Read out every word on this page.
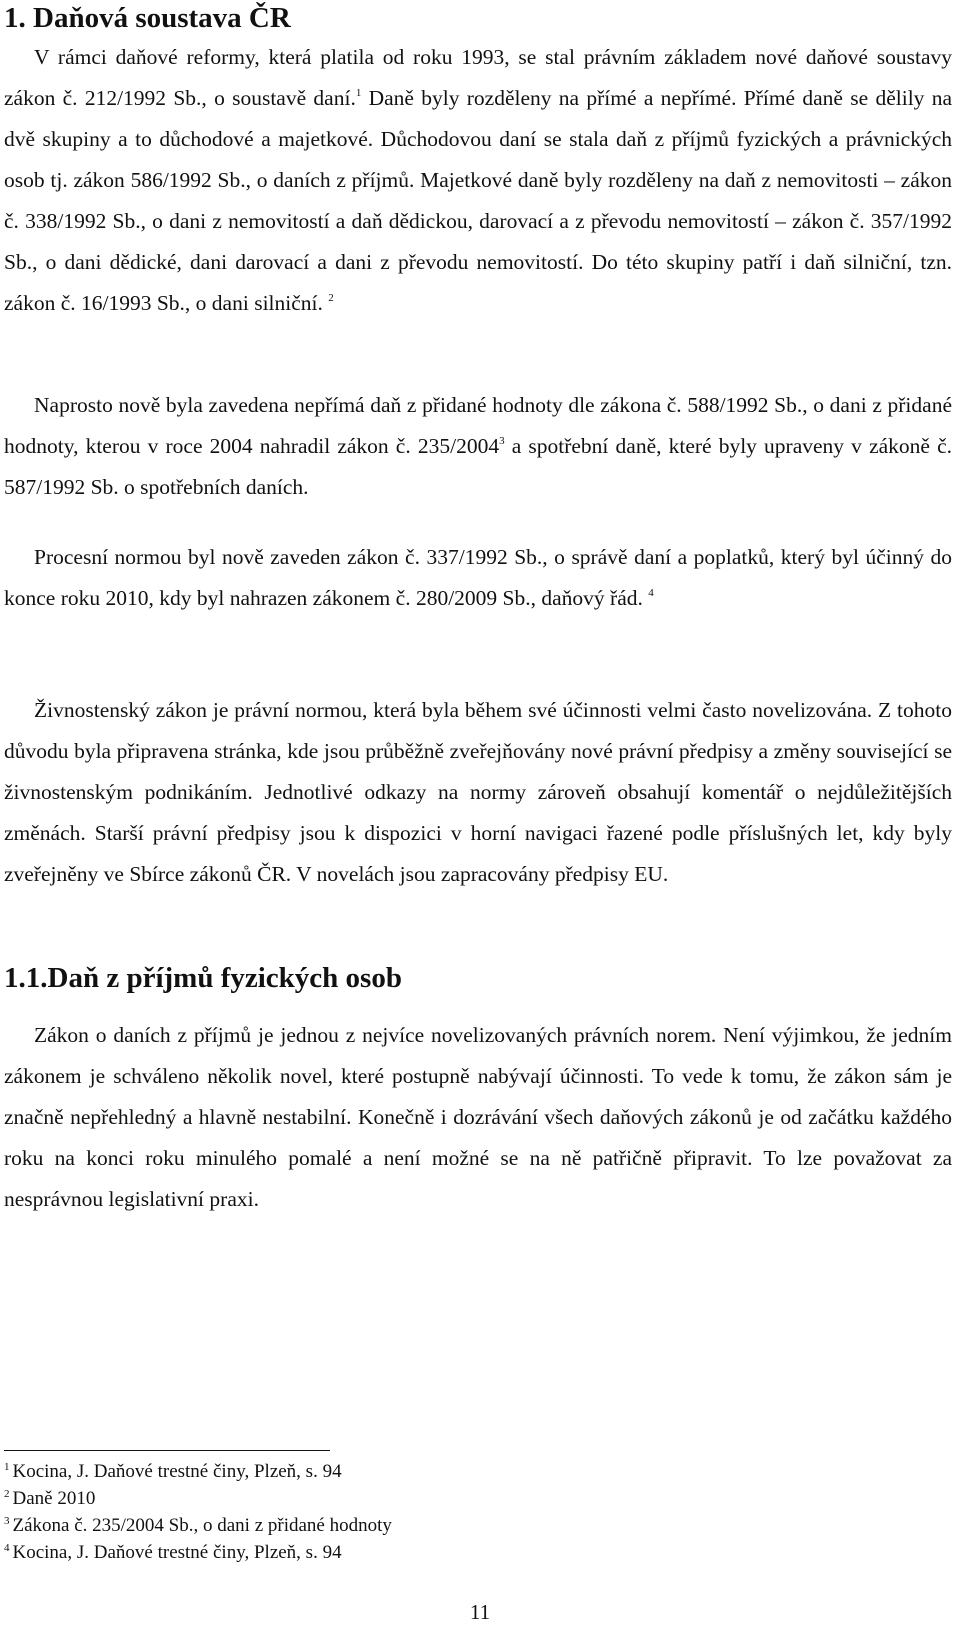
1. Daňová soustava ČR

V rámci daňové reformy, která platila od roku 1993, se stal právním základem nové daňové soustavy zákon č. 212/1992 Sb., o soustavě daní.$^1$ Daně byly rozděleny na přímé a nepřímé. Přímé daně se dělily na dvě skupiny a to důchodové a majetkové. Důchodovou daní se stala daň z příjmů fyzických a právnických osob tj. zákon 586/1992 Sb., o daních z příjmů. Majetkové daně byly rozděleny na daň z nemovitosti – zákon č. 338/1992 Sb., o dani z nemovitostí a daň dědickou, darovací a z převodu nemovitostí – zákon č. 357/1992 Sb., o dani dědické, dani darovací a dani z převodu nemovitostí. Do této skupiny patří i daň silniční, tzn. zákon č. 16/1993 Sb., o dani silniční. $^2$

Naprosto nově byla zavedena nepřímá daň z přidané hodnoty dle zákona č. 588/1992 Sb., o dani z přidané hodnoty, kterou v roce 2004 nahradil zákon č. 235/2004$^3$ a spotřební daně, které byly upraveny v zákoně č. 587/1992 Sb. o spotřebních daních.

Procesní normou byl nově zaveden zákon č. 337/1992 Sb., o správě daní a poplatků, který byl účinný do konce roku 2010, kdy byl nahrazen zákonem č. 280/2009 Sb., daňový řád. $^4$

Živnostenský zákon je právní normou, která byla během své účinnosti velmi často novelizována. Z tohoto důvodu byla připravena stránka, kde jsou průběžně zveřejňovány nové právní předpisy a změny související se živnostenským podnikáním. Jednotlivé odkazy na normy zároveň obsahují komentář o nejdůležitějších změnách. Starší právní předpisy jsou k dispozici v horní navigaci řazené podle příslušných let, kdy byly zveřejněny ve Sbírce zákonů ČR. V novelách jsou zapracovány předpisy EU.

1.1.Daň z příjmů fyzických osob

Zákon o daních z příjmů je jednou z nejvíce novelizovaných právních norem. Není výjimkou, že jedním zákonem je schváleno několik novel, které postupně nabývají účinnosti. To vede k tomu, že zákon sám je značně nepřehledný a hlavně nestabilní. Konečně i dozrávání všech daňových zákonů je od začátku každého roku na konci roku minulého pomalé a není možné se na ně patřičně připravit. To lze považovat za nesprávnou legislativní praxi.

$^1$ Kocina, J. Daňové trestné činy, Plzeň, s. 94
$^2$ Daně 2010
$^3$ Zákona č. 235/2004 Sb., o dani z přidané hodnoty
$^4$ Kocina, J. Daňové trestné činy, Plzeň, s. 94
11
